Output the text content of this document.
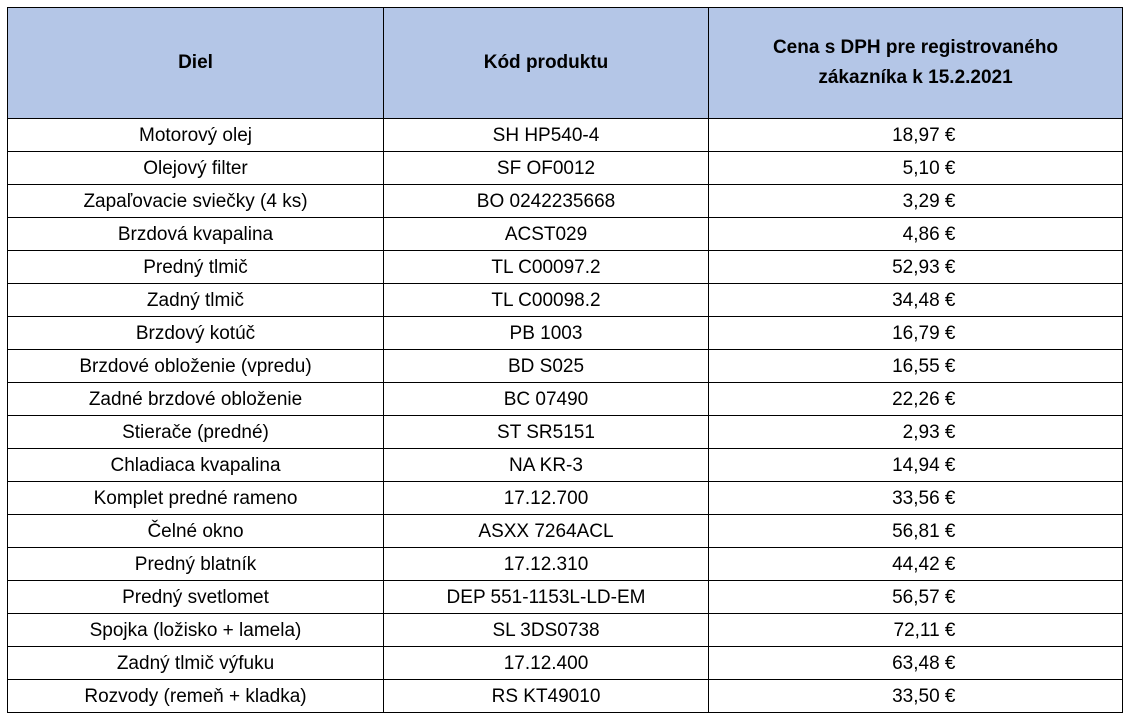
Diel	Kód produktu	Cena s DPH pre registrovaného zákazníka k 15.2.2021

Motorový olej	SH HP540-4	18,97 €
Olejový filter	SF OF0012	5,10 €
Zapaľovacie sviečky (4 ks)	BO 0242235668	3,29 €
Brzdová kvapalina	ACST029	4,86 €
Predný tlmič	TL C00097.2	52,93 €
Zadný tlmič	TL C00098.2	34,48 €
Brzdový kotúč	PB 1003	16,79 €
Brzdové obloženie (vpredu)	BD S025	16,55 €
Zadné brzdové obloženie	BC 07490	22,26 €
Stierače (predné)	ST SR5151	2,93 €
Chladiaca kvapalina	NA KR-3	14,94 €
Komplet predné rameno	17.12.700	33,56 €
Čelné okno	ASXX 7264ACL	56,81 €
Predný blatník	17.12.310	44,42 €
Predný svetlomet	DEP 551-1153L-LD-EM	56,57 €
Spojka (ložisko + lamela)	SL 3DS0738	72,11 €
Zadný tlmič výfuku	17.12.400	63,48 €
Rozvody (remeň + kladka)	RS KT49010	33,50 €
